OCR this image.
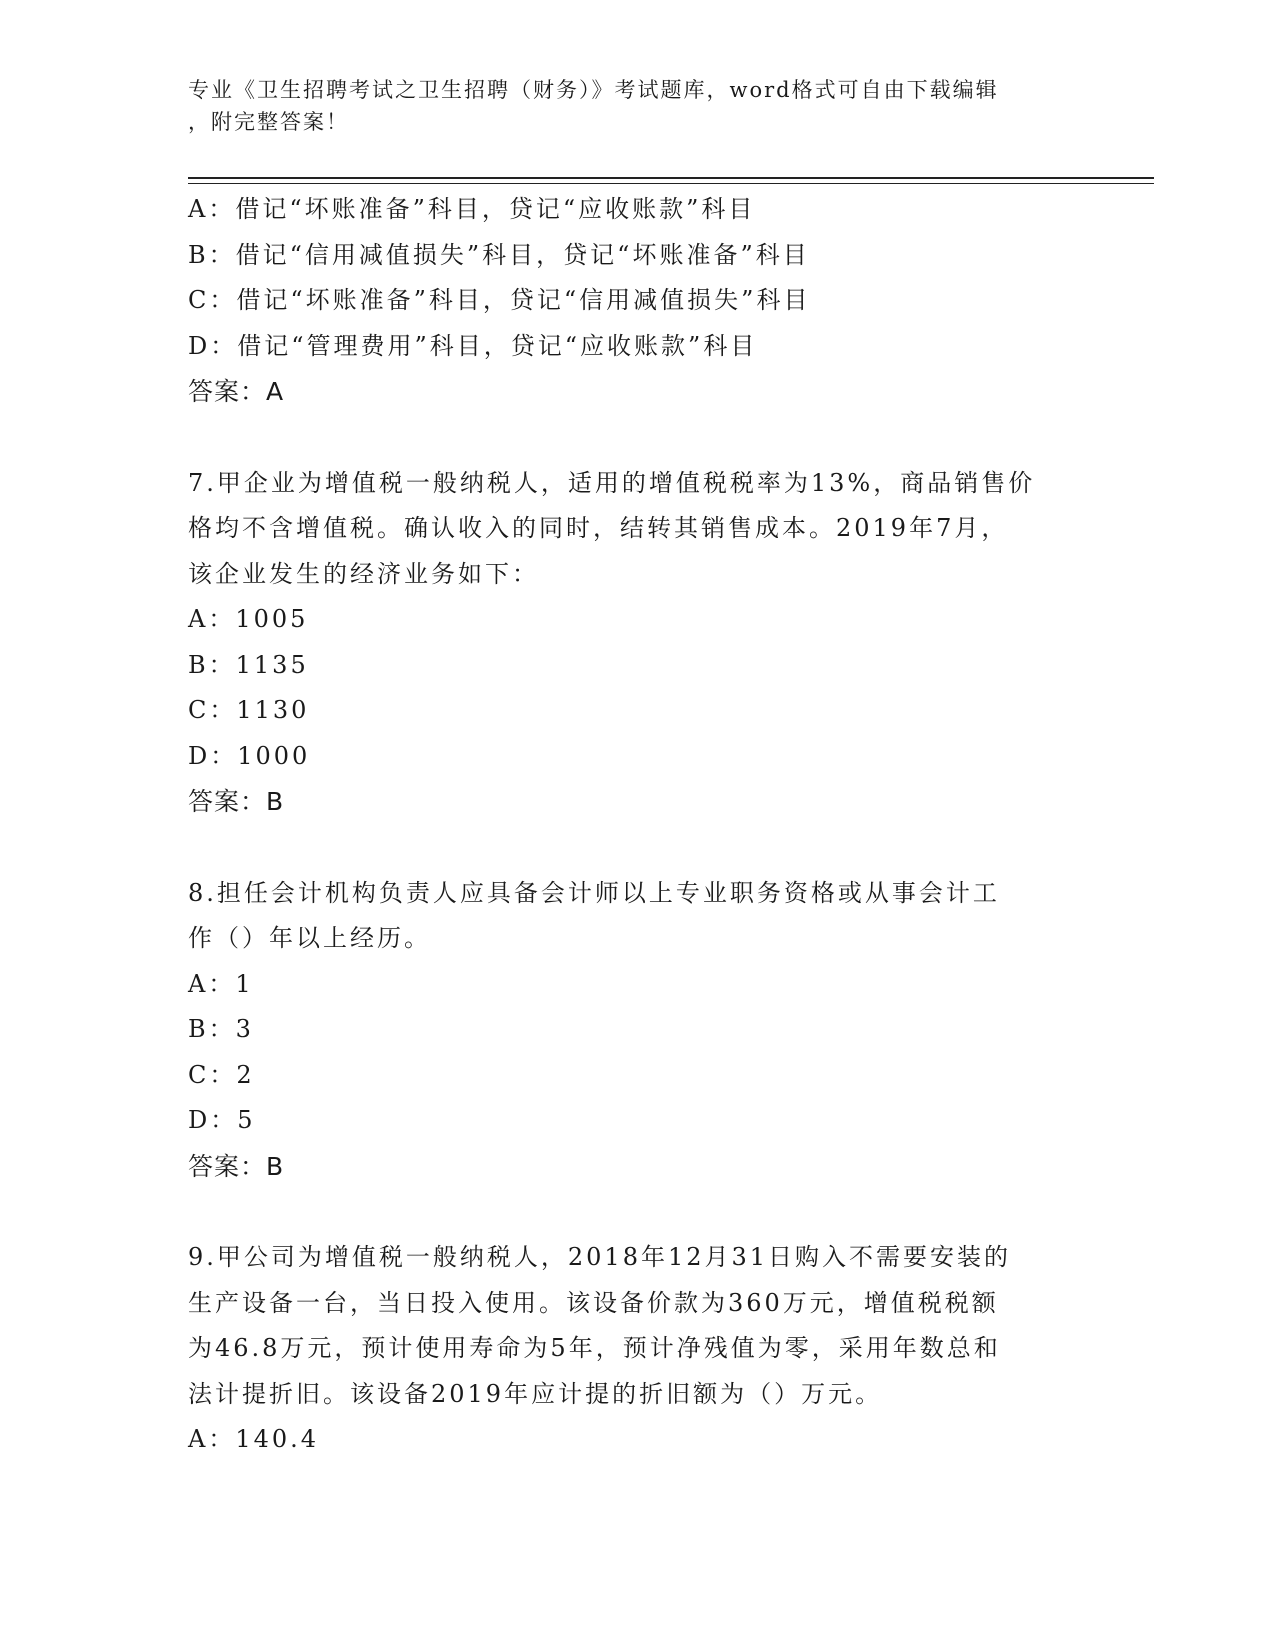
专业《卫生招聘考试之卫生招聘（财务）》考试题库，word格式可自由下载编辑
，附完整答案！
A：借记“坏账准备”科目，贷记“应收账款”科目
B：借记“信用减值损失”科目，贷记“坏账准备”科目
C：借记“坏账准备”科目，贷记“信用减值损失”科目
D：借记“管理费用”科目，贷记“应收账款”科目
答案：A
7.甲企业为增值税一般纳税人，适用的增值税税率为13%，商品销售价
格均不含增值税。确认收入的同时，结转其销售成本。2019年7月，
该企业发生的经济业务如下：
A：1005
B：1135
C：1130
D：1000
答案：B
8.担任会计机构负责人应具备会计师以上专业职务资格或从事会计工
作（）年以上经历。
A：1
B：3
C：2
D：5
答案：B
9.甲公司为增值税一般纳税人，2018年12月31日购入不需要安装的
生产设备一台，当日投入使用。该设备价款为360万元，增值税税额
为46.8万元，预计使用寿命为5年，预计净残值为零，采用年数总和
法计提折旧。该设备2019年应计提的折旧额为（）万元。
A：140.4
